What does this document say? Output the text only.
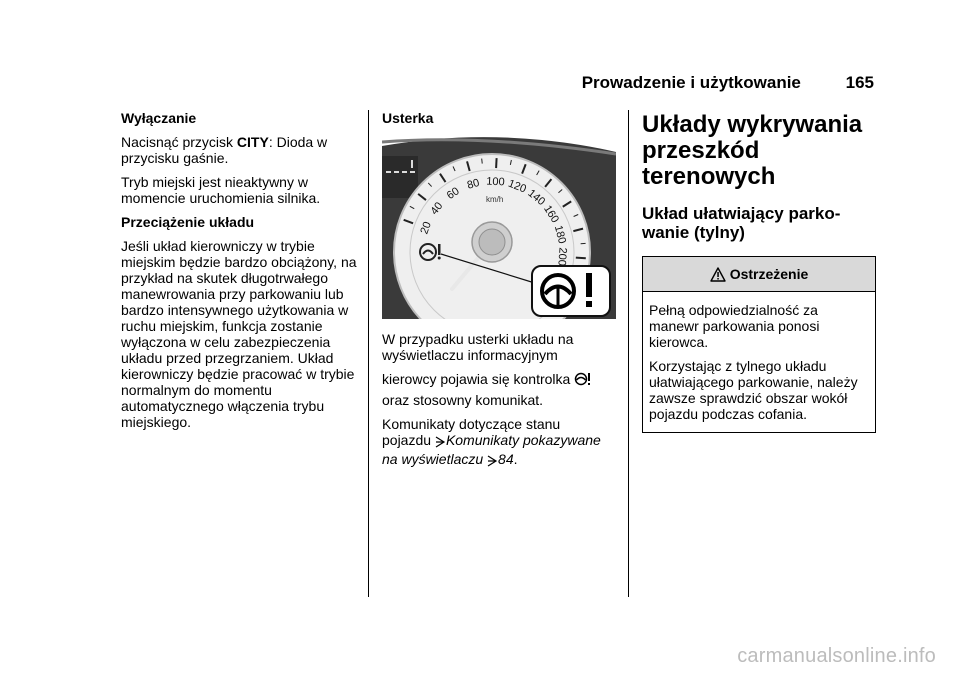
Prowadzenie i użytkowanie	165
Wyłączanie

Nacisnąć przycisk CITY: Dioda w przycisku gaśnie.

Tryb miejski jest nieaktywny w momencie uruchomienia silnika.

Przeciążenie układu

Jeśli układ kierowniczy w trybie miejskim będzie bardzo obciążony, na przykład na skutek długotrwałego manewrowania przy parkowaniu lub bardzo intensywnego użytkowania w ruchu miejskim, funkcja zostanie wyłączona w celu zabezpieczenia układu przed przegrzaniem. Układ kierowniczy będzie pracować w trybie normalnym do momentu automatycznego włączenia trybu miejskiego.

Usterka
20
40
60
80 100 120
140
160
180
200
km/h

W przypadku usterki układu na wyświetlaczu informacyjnym

kierowcy pojawia się kontrolka

oraz stosowny komunikat.

Komunikaty dotyczące stanu

pojazdu Komunikaty pokazywane na wyświetlaczu 84.

Układy wykrywania przeszkód terenowych
Układ ułatwiający parko-wanie (tylny)
Ostrzeżenie

Pełną odpowiedzialność za manewr parkowania ponosi kierowca.

Korzystając z tylnego układu ułatwiającego parkowanie, należy zawsze sprawdzić obszar wokół pojazdu podczas cofania.

carmanualsonline.info
